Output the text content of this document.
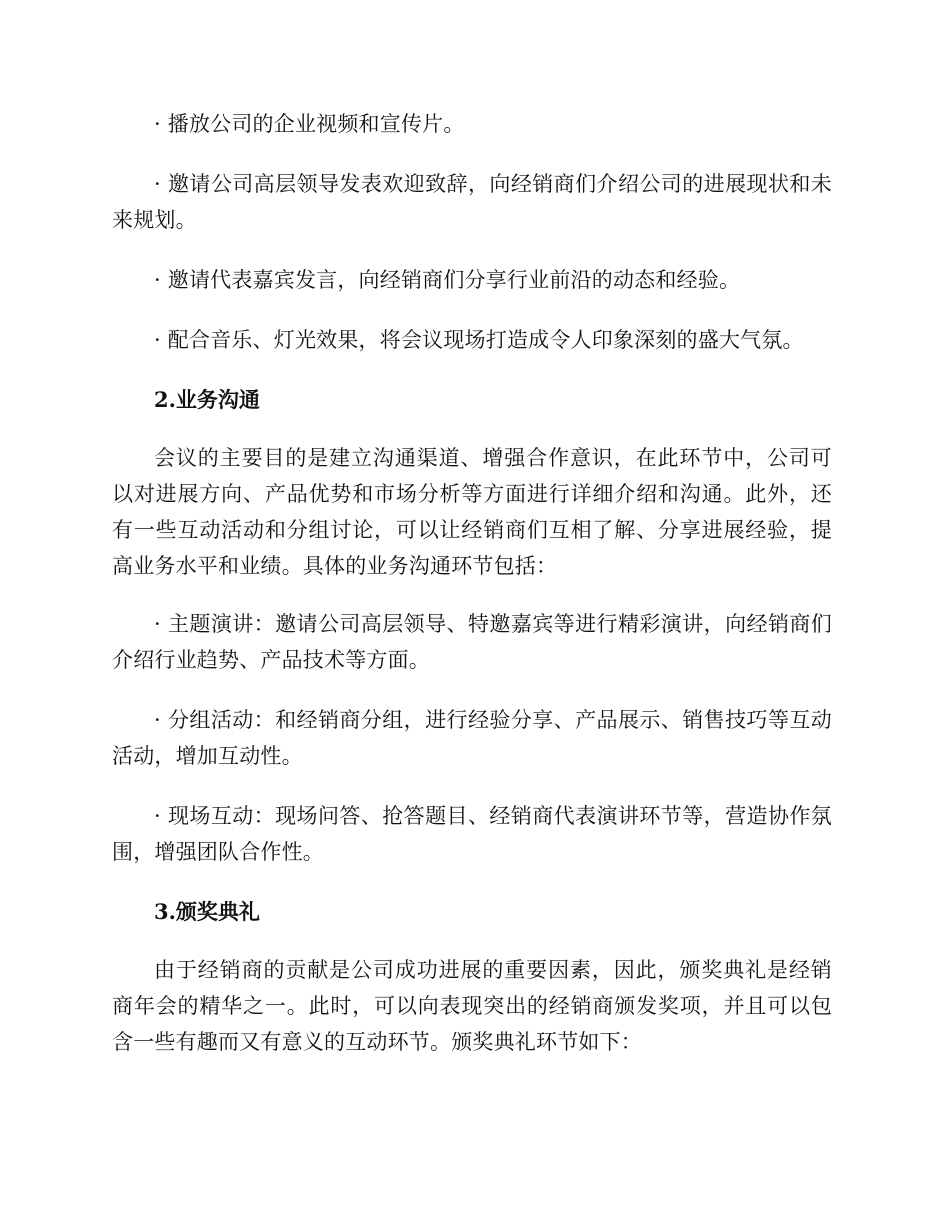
· 播放公司的企业视频和宣传片。

· 邀请公司高层领导发表欢迎致辞，向经销商们介绍公司的进展现状和未来规划。

· 邀请代表嘉宾发言，向经销商们分享行业前沿的动态和经验。

· 配合音乐、灯光效果，将会议现场打造成令人印象深刻的盛大气氛。

2.业务沟通

会议的主要目的是建立沟通渠道、增强合作意识，在此环节中，公司可以对进展方向、产品优势和市场分析等方面进行详细介绍和沟通。此外，还有一些互动活动和分组讨论，可以让经销商们互相了解、分享进展经验，提高业务水平和业绩。具体的业务沟通环节包括：

· 主题演讲：邀请公司高层领导、特邀嘉宾等进行精彩演讲，向经销商们介绍行业趋势、产品技术等方面。

· 分组活动：和经销商分组，进行经验分享、产品展示、销售技巧等互动活动，增加互动性。

· 现场互动：现场问答、抢答题目、经销商代表演讲环节等，营造协作氛围，增强团队合作性。

3.颁奖典礼

由于经销商的贡献是公司成功进展的重要因素，因此，颁奖典礼是经销商年会的精华之一。此时，可以向表现突出的经销商颁发奖项，并且可以包含一些有趣而又有意义的互动环节。颁奖典礼环节如下：
